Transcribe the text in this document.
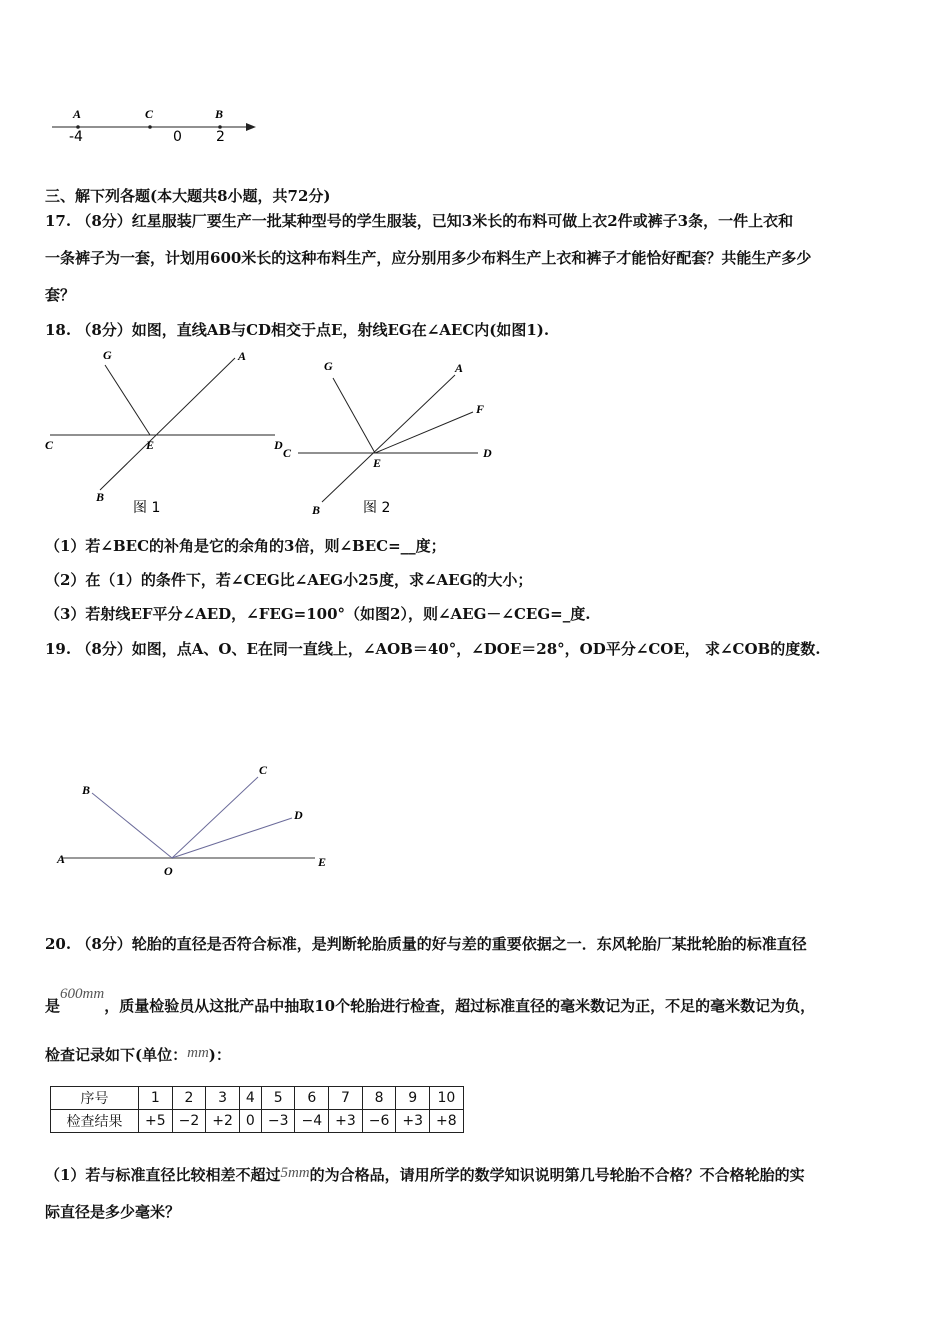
A	C	B
-4	0 2
C	D
E
A
G
B
图 1
C	D
E
A
F
G
B	图 2
A
B
C
D
E
O
三、解下列各题(本大题共8小题，共72分)
17. （8分）红星服装厂要生产一批某种型号的学生服装，已知3米长的布料可做上衣2件或裤子3条，一件上衣和
一条裤子为一套，计划用600米长的这种布料生产，应分别用多少布料生产上衣和裤子才能恰好配套？共能生产多少
套？
18. （8分）如图，直线AB与CD相交于点E，射线EG在∠AEC内(如图1).
（1）若∠BEC的补角是它的余角的3倍，则∠BEC=__度；
（2）在（1）的条件下，若∠CEG比∠AEG小25度，求∠AEG的大小；
（3）若射线EF平分∠AED，∠FEG=100°（如图2），则∠AEG－∠CEG=_度.
19. （8分）如图，点A、O、E在同一直线上，∠AOB＝40°，∠DOE＝28°，OD平分∠COE， 求∠COB的度数.
20. （8分）轮胎的直径是否符合标准，是判断轮胎质量的好与差的重要依据之一．东风轮胎厂某批轮胎的标准直径
是600mm，质量检验员从这批产品中抽取10个轮胎进行检查，超过标准直径的毫米数记为正，不足的毫米数记为负，
检查记录如下(单位：mm)：
序号	1	2	3	4	5	6	7	8	9	10
检查结果	+5	−2	+2	0	−3	−4	+3	−6	+3	+8
（1）若与标准直径比较相差不超过5mm的为合格品，请用所学的数学知识说明第几号轮胎不合格？不合格轮胎的实
际直径是多少毫米？
